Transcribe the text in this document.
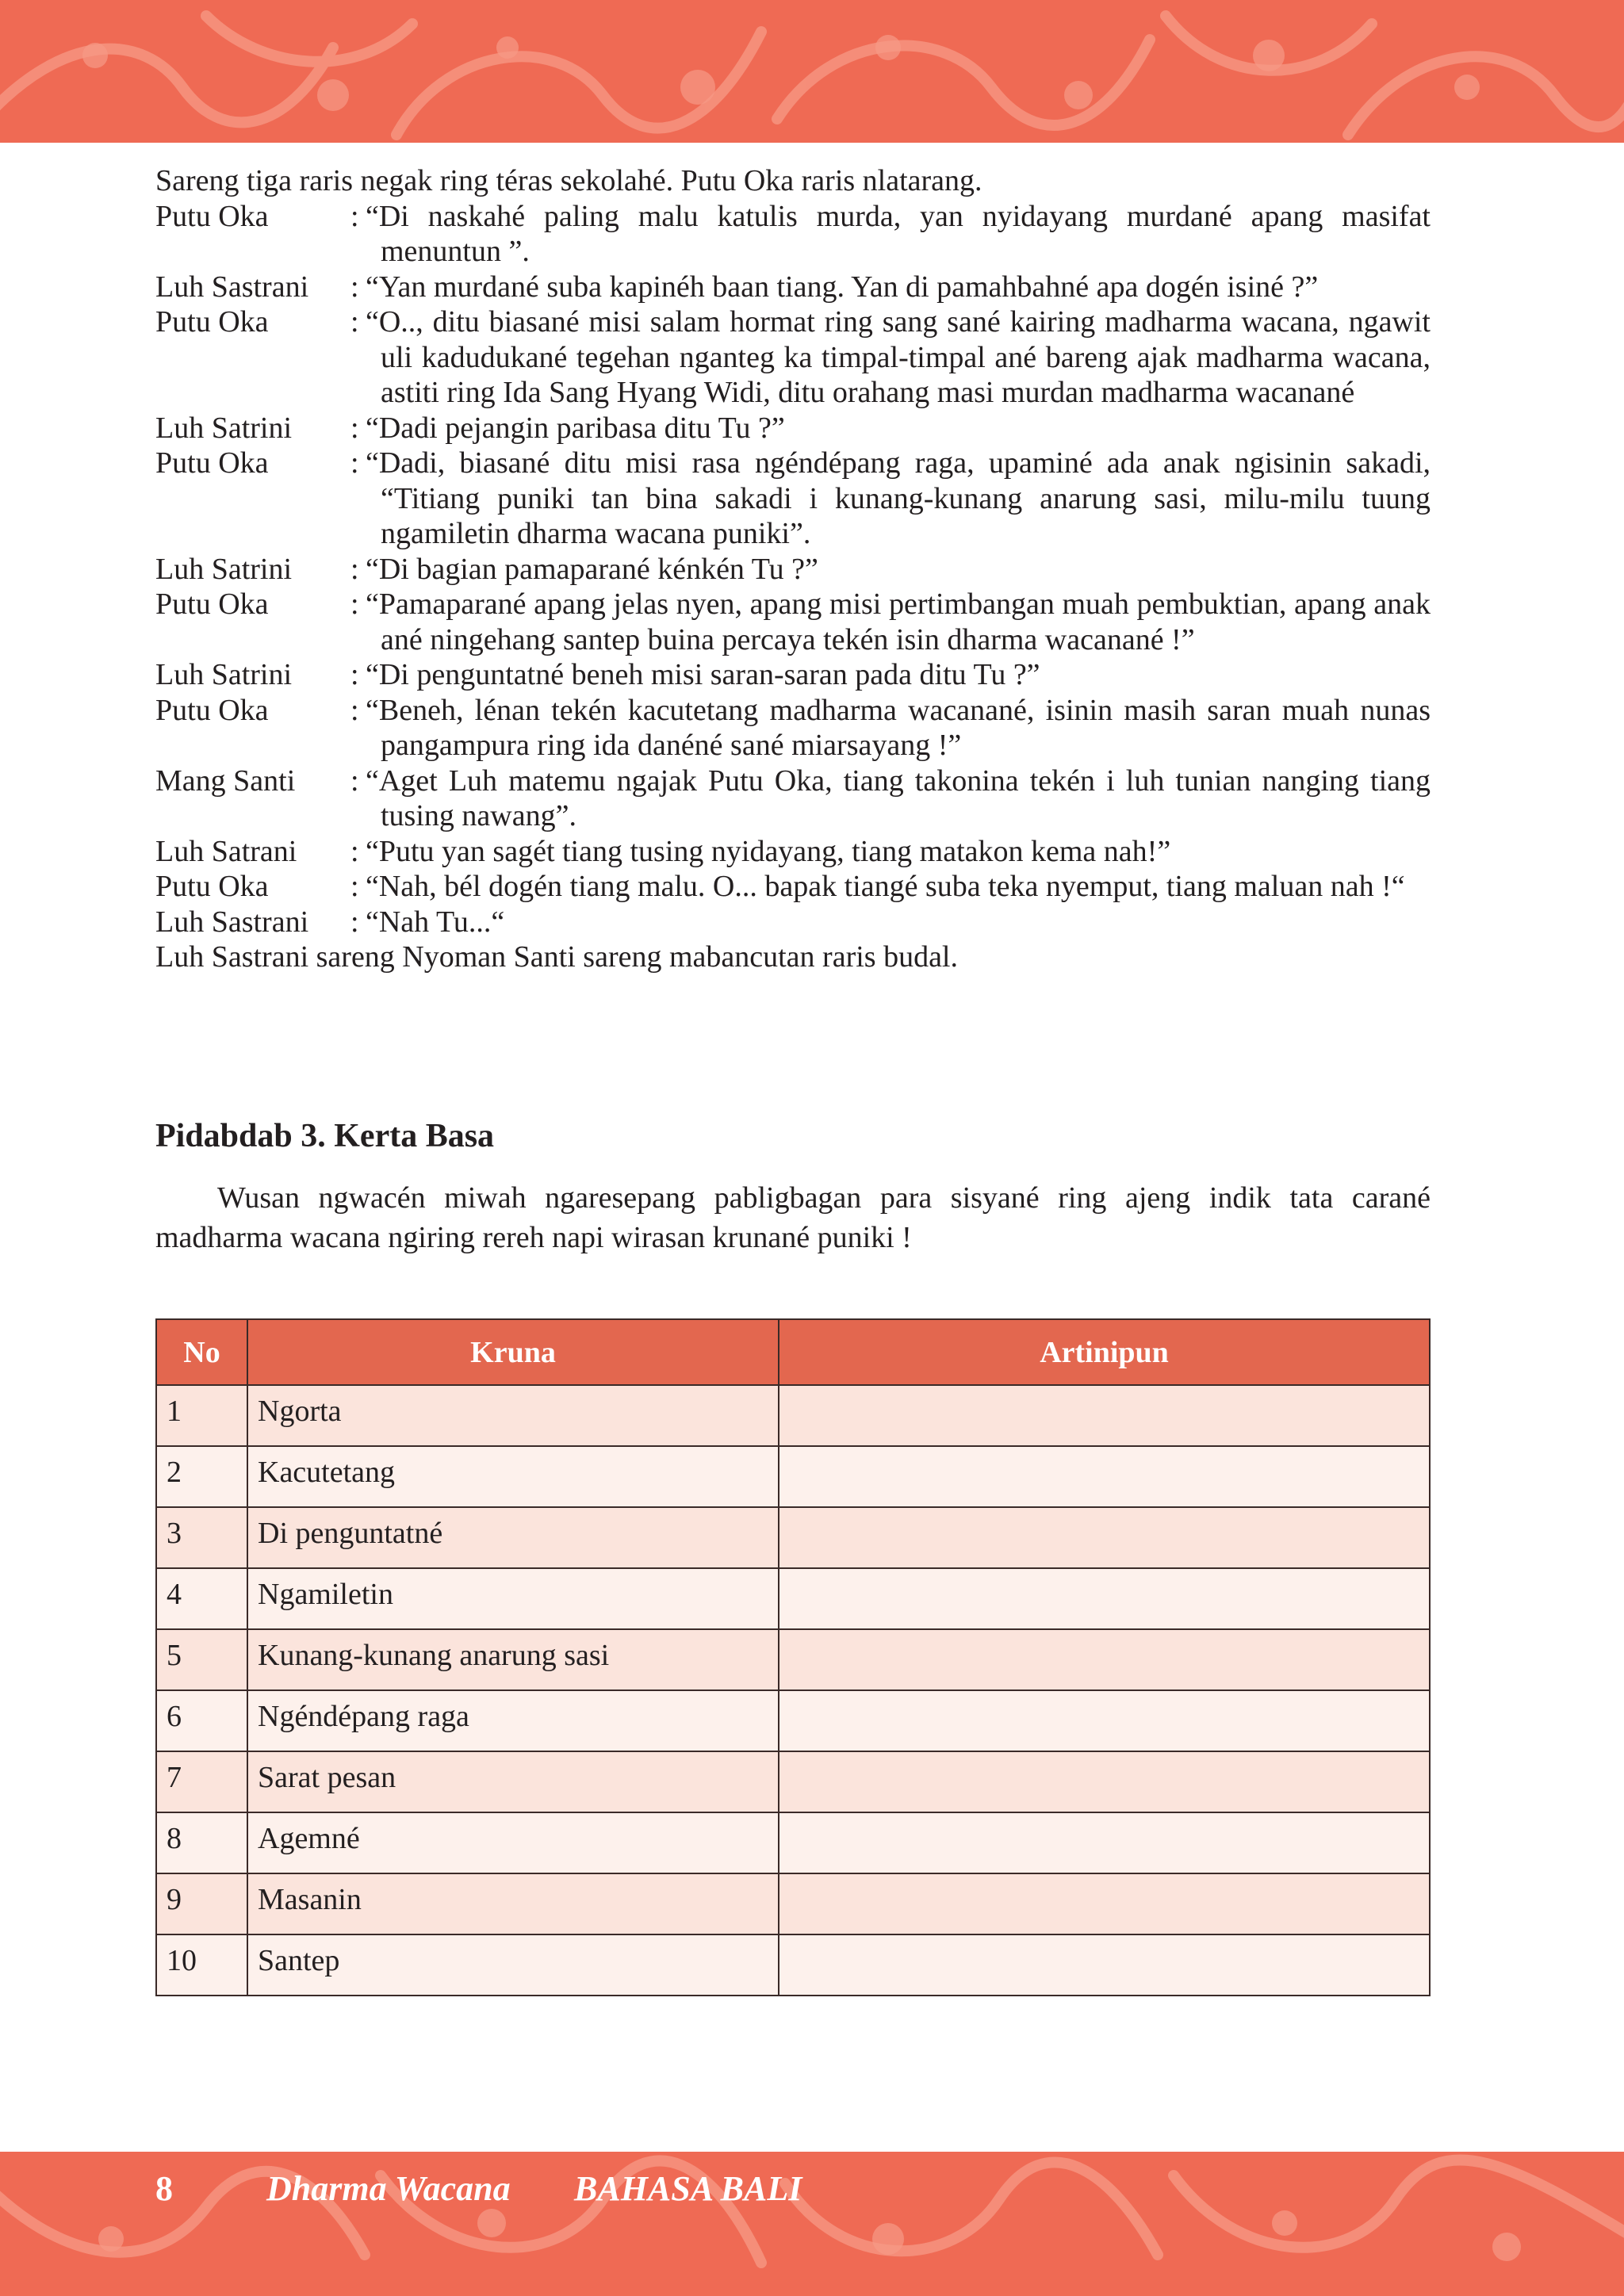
Sareng tiga raris negak ring téras sekolahé. Putu Oka raris nlatarang.
Putu Oka	: “Di naskahé paling malu katulis murda, yan nyidayang murdané apang masifat menuntun ”.
Luh Sastrani	: “Yan murdané suba kapinéh baan tiang. Yan di pamahbahné apa dogén isiné ?”
Putu Oka	: “O.., ditu biasané misi salam hormat ring sang sané kairing madharma wacana, ngawit uli kadudukané tegehan nganteg ka timpal-timpal ané bareng ajak madharma wacana, astiti ring Ida Sang Hyang Widi, ditu orahang masi murdan madharma wacanané
Luh Satrini	: “Dadi pejangin paribasa ditu Tu ?”
Putu Oka	: “Dadi, biasané ditu misi rasa ngéndépang raga, upaminé ada anak ngisinin sakadi, “Titiang puniki tan bina sakadi i kunang-kunang anarung sasi, milu-milu tuung ngamiletin dharma wacana puniki”.
Luh Satrini	: “Di bagian pamaparané kénkén Tu ?”
Putu Oka	: “Pamaparané apang jelas nyen, apang misi pertimbangan muah pembuktian, apang anak ané ningehang santep buina percaya tekén isin dharma wacanané !”
Luh Satrini	: “Di penguntatné beneh misi saran-saran pada ditu Tu ?”
Putu Oka	: “Beneh, lénan tekén kacutetang madharma wacanané, isinin masih saran muah nunas pangampura ring ida danéné sané miarsayang !”
Mang Santi	: “Aget Luh matemu ngajak Putu Oka, tiang takonina tekén i luh tunian nanging tiang tusing nawang”.
Luh Satrani	: “Putu yan sagét tiang tusing nyidayang, tiang matakon kema nah!”
Putu Oka	: “Nah, bél dogén tiang malu. O... bapak tiangé suba teka nyemput, tiang maluan nah !“
Luh Sastrani	: “Nah Tu...“
Luh Sastrani sareng Nyoman Santi sareng mabancutan raris budal.
Pidabdab 3. Kerta Basa

Wusan ngwacén miwah ngaresepang pabligbagan para sisyané ring ajeng indik tata carané madharma wacana ngiring rereh napi wirasan krunané puniki !

No	Kruna	Artinipun
1	Ngorta	
2	Kacutetang	
3	Di penguntatné	
4	Ngamiletin	
5	Kunang-kunang anarung sasi	
6	Ngéndépang raga	
7	Sarat pesan	
8	Agemné	
9	Masanin	
10	Santep	
8	Dharma Wacana BAHASA BALI
